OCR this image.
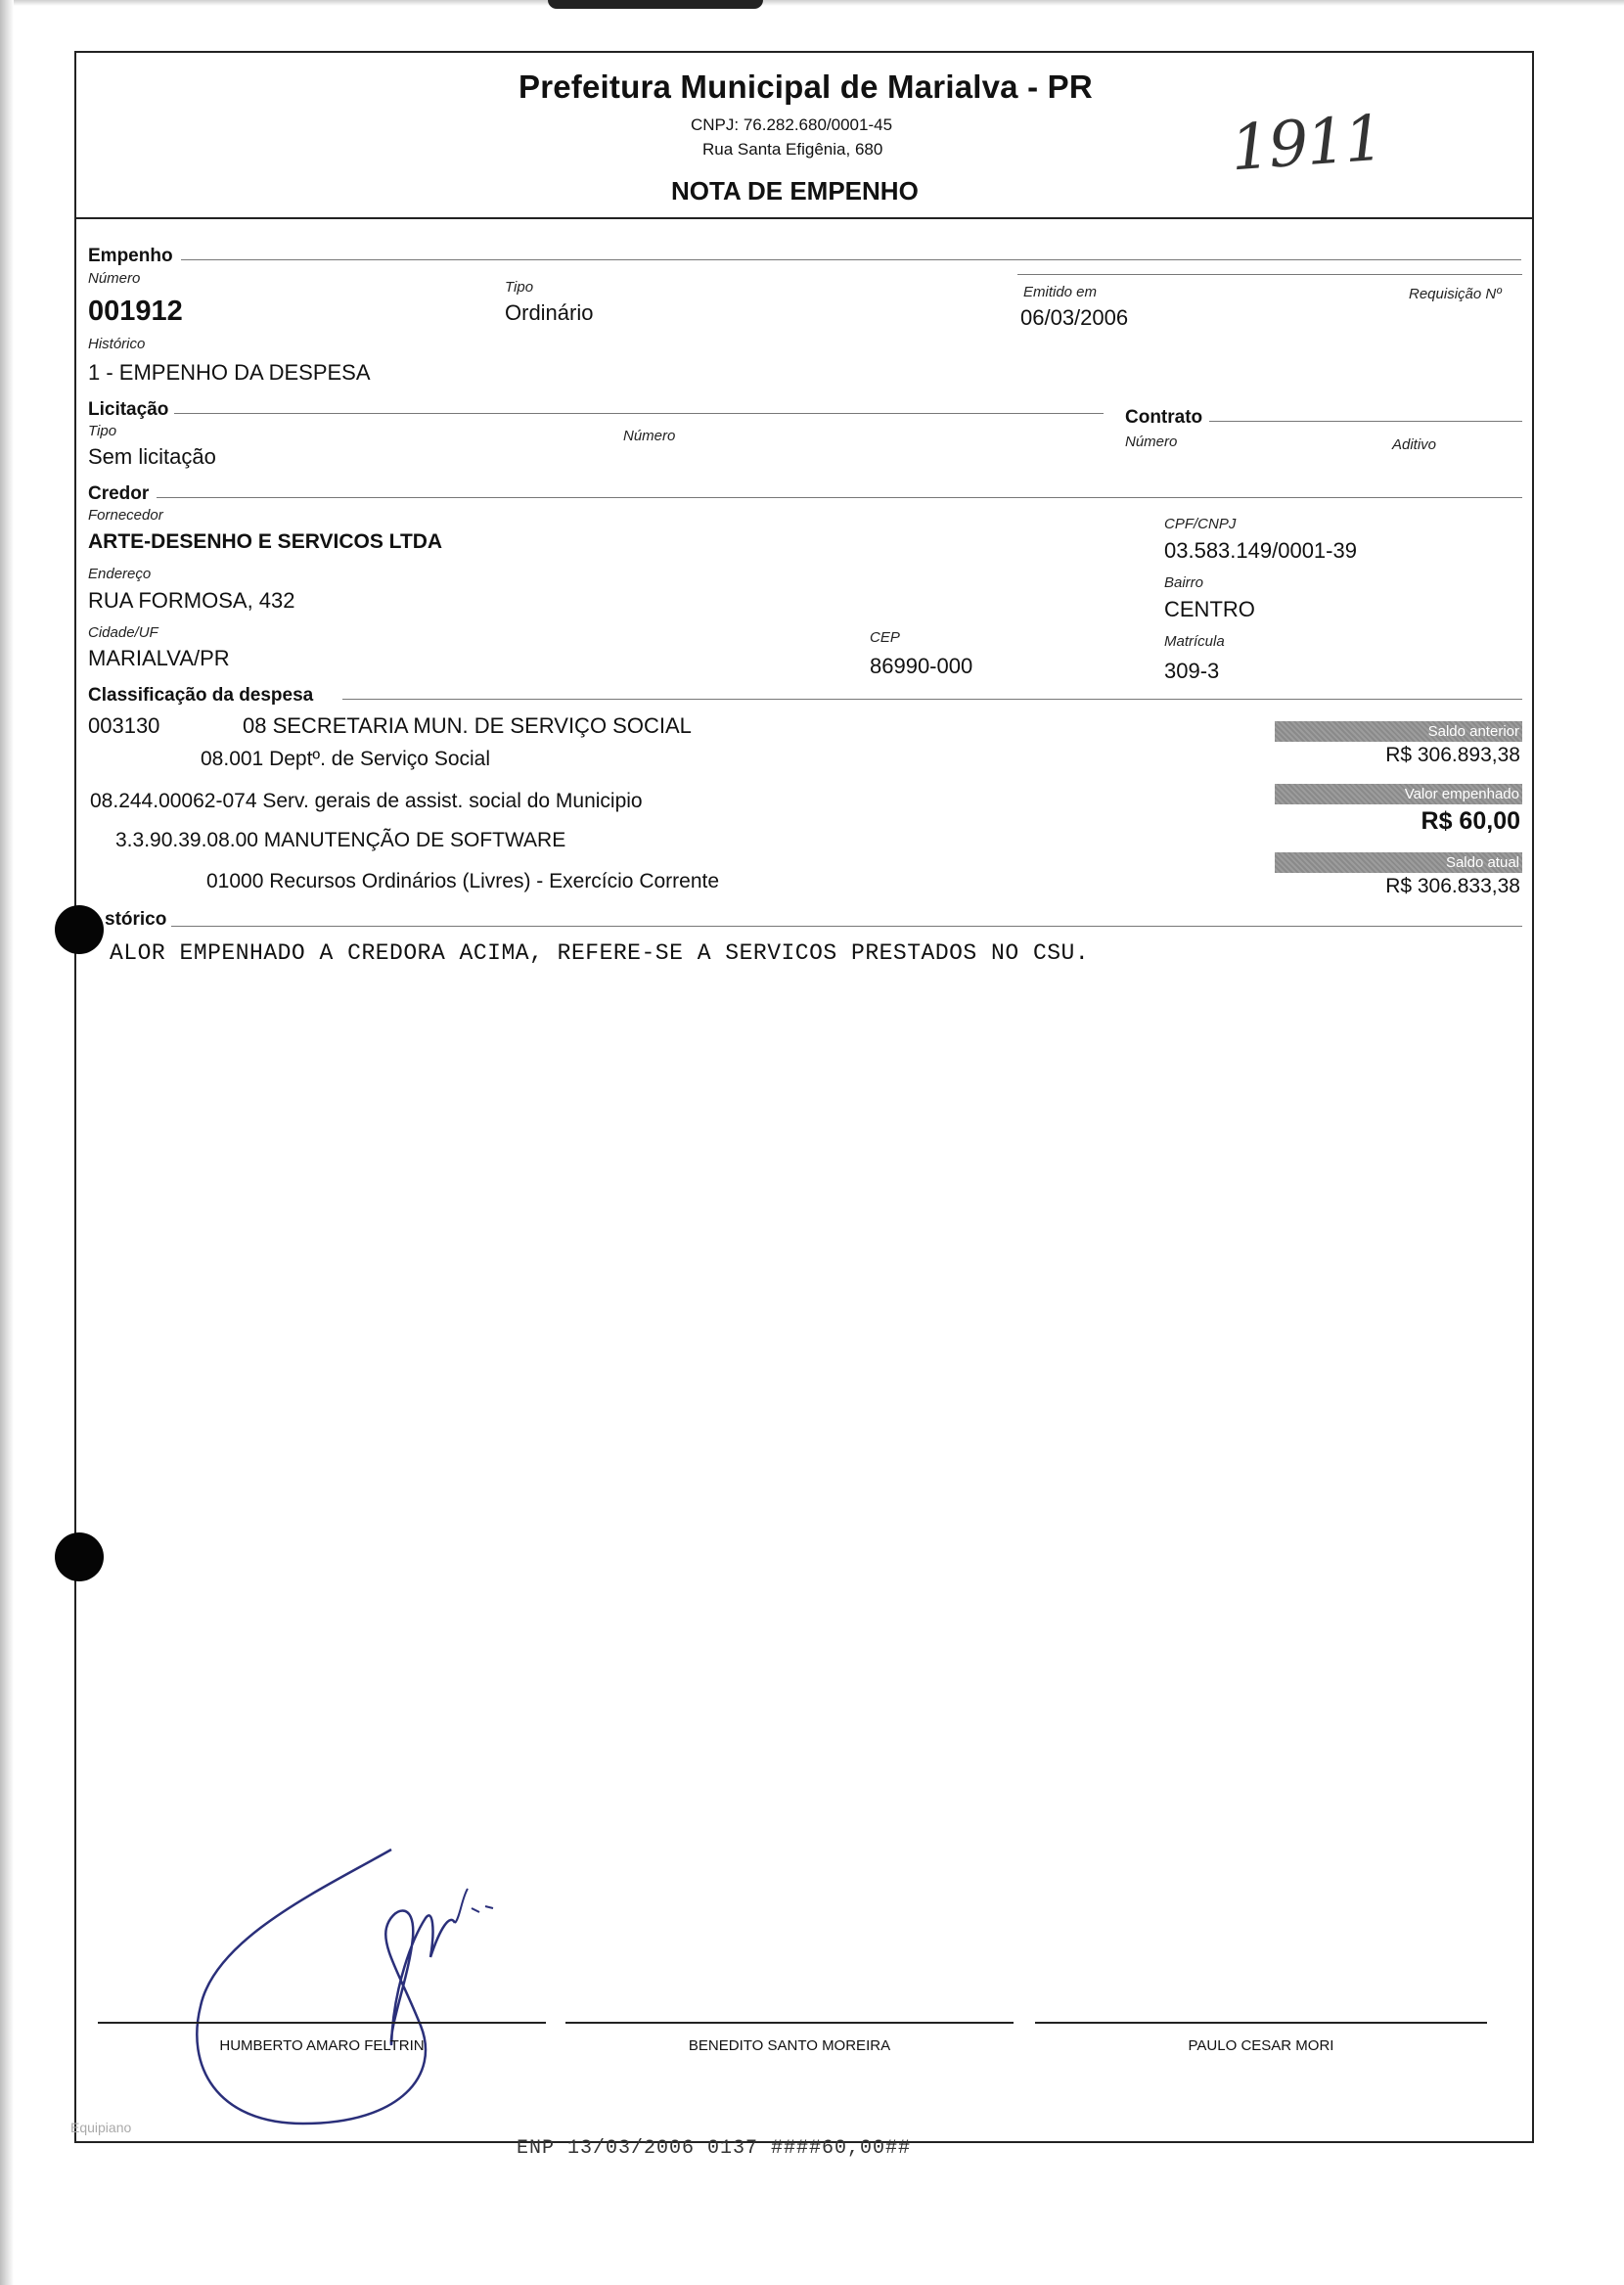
Prefeitura Municipal de Marialva - PR
CNPJ: 76.282.680/0001-45
Rua Santa Efigênia, 680
NOTA DE EMPENHO
1911
Empenho
Número
001912
Tipo
Ordinário
Emitido em
06/03/2006
Requisição Nº
Histórico
1 - EMPENHO DA DESPESA
Licitação
Tipo
Sem licitação
Número
Contrato
Número	Aditivo
Credor
Fornecedor
ARTE-DESENHO E SERVICOS LTDA
CPF/CNPJ
03.583.149/0001-39
Endereço
RUA FORMOSA, 432
Bairro
CENTRO
Cidade/UF
MARIALVA/PR
CEP
86990-000
Matrícula
309-3
Classificação da despesa
003130	08 SECRETARIA MUN. DE SERVIÇO SOCIAL
08.001 Deptº. de Serviço Social
08.244.00062-074 Serv. gerais de assist. social do Municipio
3.3.90.39.08.00 MANUTENÇÃO DE SOFTWARE
01000 Recursos Ordinários (Livres) - Exercício Corrente
Saldo anterior
R$ 306.893,38
Valor empenhado
R$ 60,00
Saldo atual
R$ 306.833,38
stórico
ALOR EMPENHADO A CREDORA ACIMA, REFERE-SE A SERVICOS PRESTADOS NO CSU.
HUMBERTO AMARO FELTRIN	BENEDITO SANTO MOREIRA	PAULO CESAR MORI
Equipiano
ENP 13/03/2006 0137 ####60,00##
